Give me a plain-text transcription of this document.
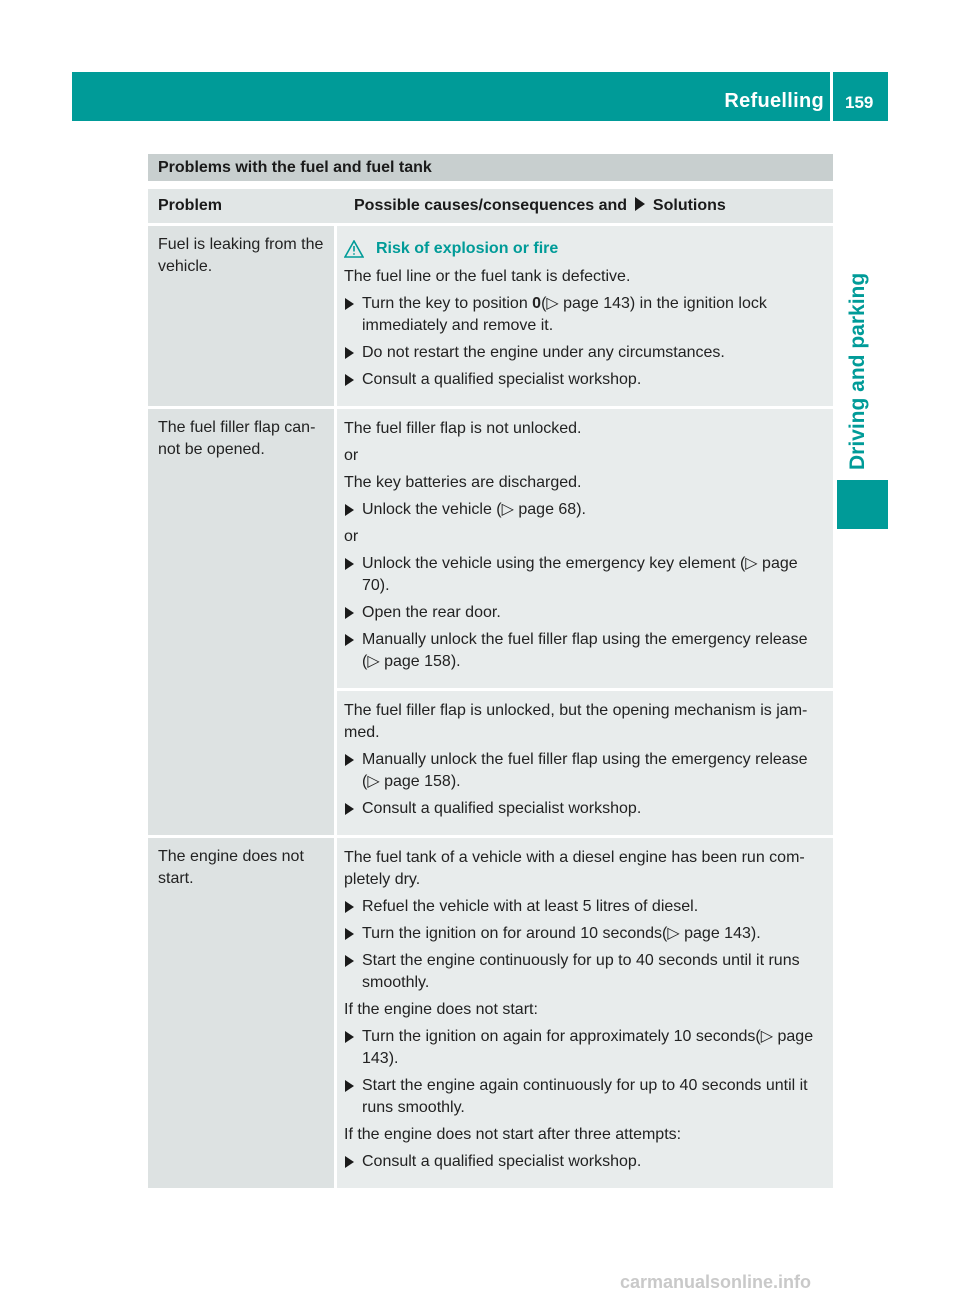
Refuelling 159
Driving and parking
Problems with the fuel and fuel tank
Problem	Possible causes/consequences and Solutions
Fuel is leaking from the vehicle.
Risk of explosion or fire
The fuel line or the fuel tank is defective.
Turn the key to position 0(▷ page 143) in the ignition lock immediately and remove it.
Do not restart the engine under any circumstances.
Consult a qualified specialist workshop.
The fuel filler flap can-not be opened.
The fuel filler flap is not unlocked.
or
The key batteries are discharged.
Unlock the vehicle (▷ page 68).
or
Unlock the vehicle using the emergency key element (▷ page 70).
Open the rear door.
Manually unlock the fuel filler flap using the emergency release (▷ page 158).
The fuel filler flap is unlocked, but the opening mechanism is jam-med.
Manually unlock the fuel filler flap using the emergency release (▷ page 158).
Consult a qualified specialist workshop.
The engine does not start.
The fuel tank of a vehicle with a diesel engine has been run com-pletely dry.
Refuel the vehicle with at least 5 litres of diesel.
Turn the ignition on for around 10 seconds(▷ page 143).
Start the engine continuously for up to 40 seconds until it runs smoothly.
If the engine does not start:
Turn the ignition on again for approximately 10 seconds(▷ page 143).
Start the engine again continuously for up to 40 seconds until it runs smoothly.
If the engine does not start after three attempts:
Consult a qualified specialist workshop.
carmanualsonline.info
